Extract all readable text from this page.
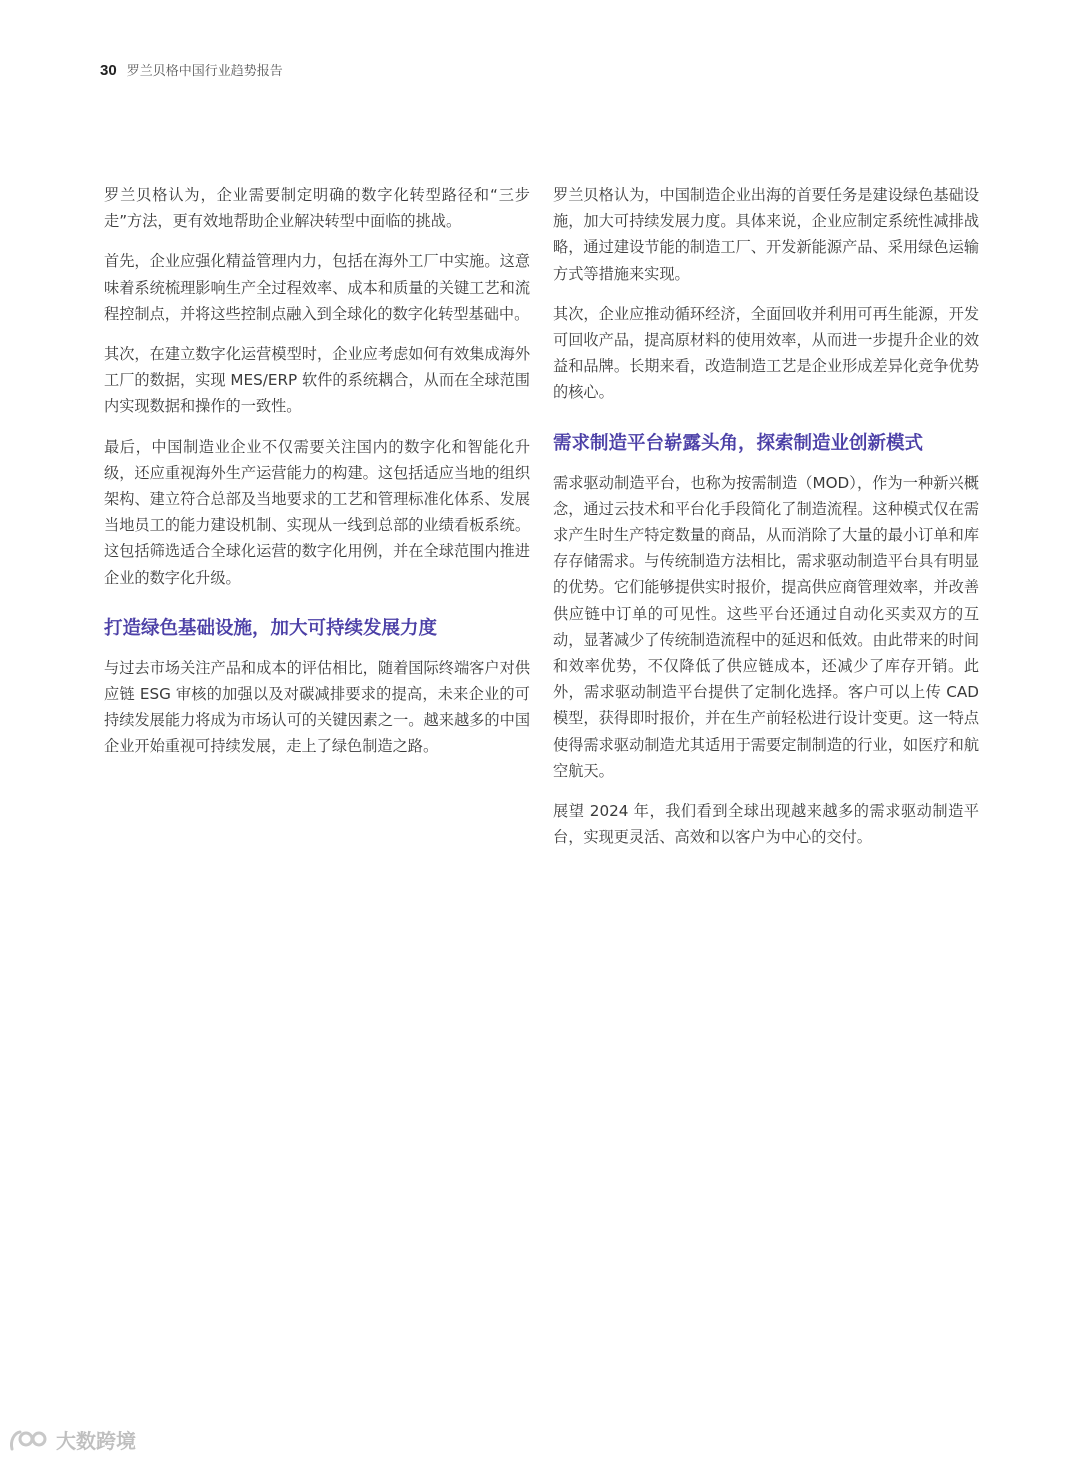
30 罗兰贝格中国行业趋势报告

罗兰贝格认为，企业需要制定明确的数字化转型路径和“三步走”方法，更有效地帮助企业解决转型中面临的挑战。

首先，企业应强化精益管理内力，包括在海外工厂中实施。这意味着系统梳理影响生产全过程效率、成本和质量的关键工艺和流程控制点，并将这些控制点融入到全球化的数字化转型基础中。

其次，在建立数字化运营模型时，企业应考虑如何有效集成海外工厂的数据，实现 MES/ERP 软件的系统耦合，从而在全球范围内实现数据和操作的一致性。

最后，中国制造业企业不仅需要关注国内的数字化和智能化升级，还应重视海外生产运营能力的构建。这包括适应当地的组织架构、建立符合总部及当地要求的工艺和管理标准化体系、发展当地员工的能力建设机制、实现从一线到总部的业绩看板系统。这包括筛选适合全球化运营的数字化用例，并在全球范围内推进企业的数字化升级。

打造绿色基础设施，加大可持续发展力度

与过去市场关注产品和成本的评估相比，随着国际终端客户对供应链 ESG 审核的加强以及对碳减排要求的提高，未来企业的可持续发展能力将成为市场认可的关键因素之一。越来越多的中国企业开始重视可持续发展，走上了绿色制造之路。

罗兰贝格认为，中国制造企业出海的首要任务是建设绿色基础设施，加大可持续发展力度。具体来说，企业应制定系统性减排战略，通过建设节能的制造工厂、开发新能源产品、采用绿色运输方式等措施来实现。

其次，企业应推动循环经济，全面回收并利用可再生能源，开发可回收产品，提高原材料的使用效率，从而进一步提升企业的效益和品牌。长期来看，改造制造工艺是企业形成差异化竞争优势的核心。

需求制造平台崭露头角，探索制造业创新模式

需求驱动制造平台，也称为按需制造（MOD），作为一种新兴概念，通过云技术和平台化手段简化了制造流程。这种模式仅在需求产生时生产特定数量的商品，从而消除了大量的最小订单和库存存储需求。与传统制造方法相比，需求驱动制造平台具有明显的优势。它们能够提供实时报价，提高供应商管理效率，并改善供应链中订单的可见性。这些平台还通过自动化买卖双方的互动，显著减少了传统制造流程中的延迟和低效。由此带来的时间和效率优势，不仅降低了供应链成本，还减少了库存开销。此外，需求驱动制造平台提供了定制化选择。客户可以上传 CAD 模型，获得即时报价，并在生产前轻松进行设计变更。这一特点使得需求驱动制造尤其适用于需要定制制造的行业，如医疗和航空航天。

展望 2024 年，我们看到全球出现越来越多的需求驱动制造平台，实现更灵活、高效和以客户为中心的交付。

大数跨境
